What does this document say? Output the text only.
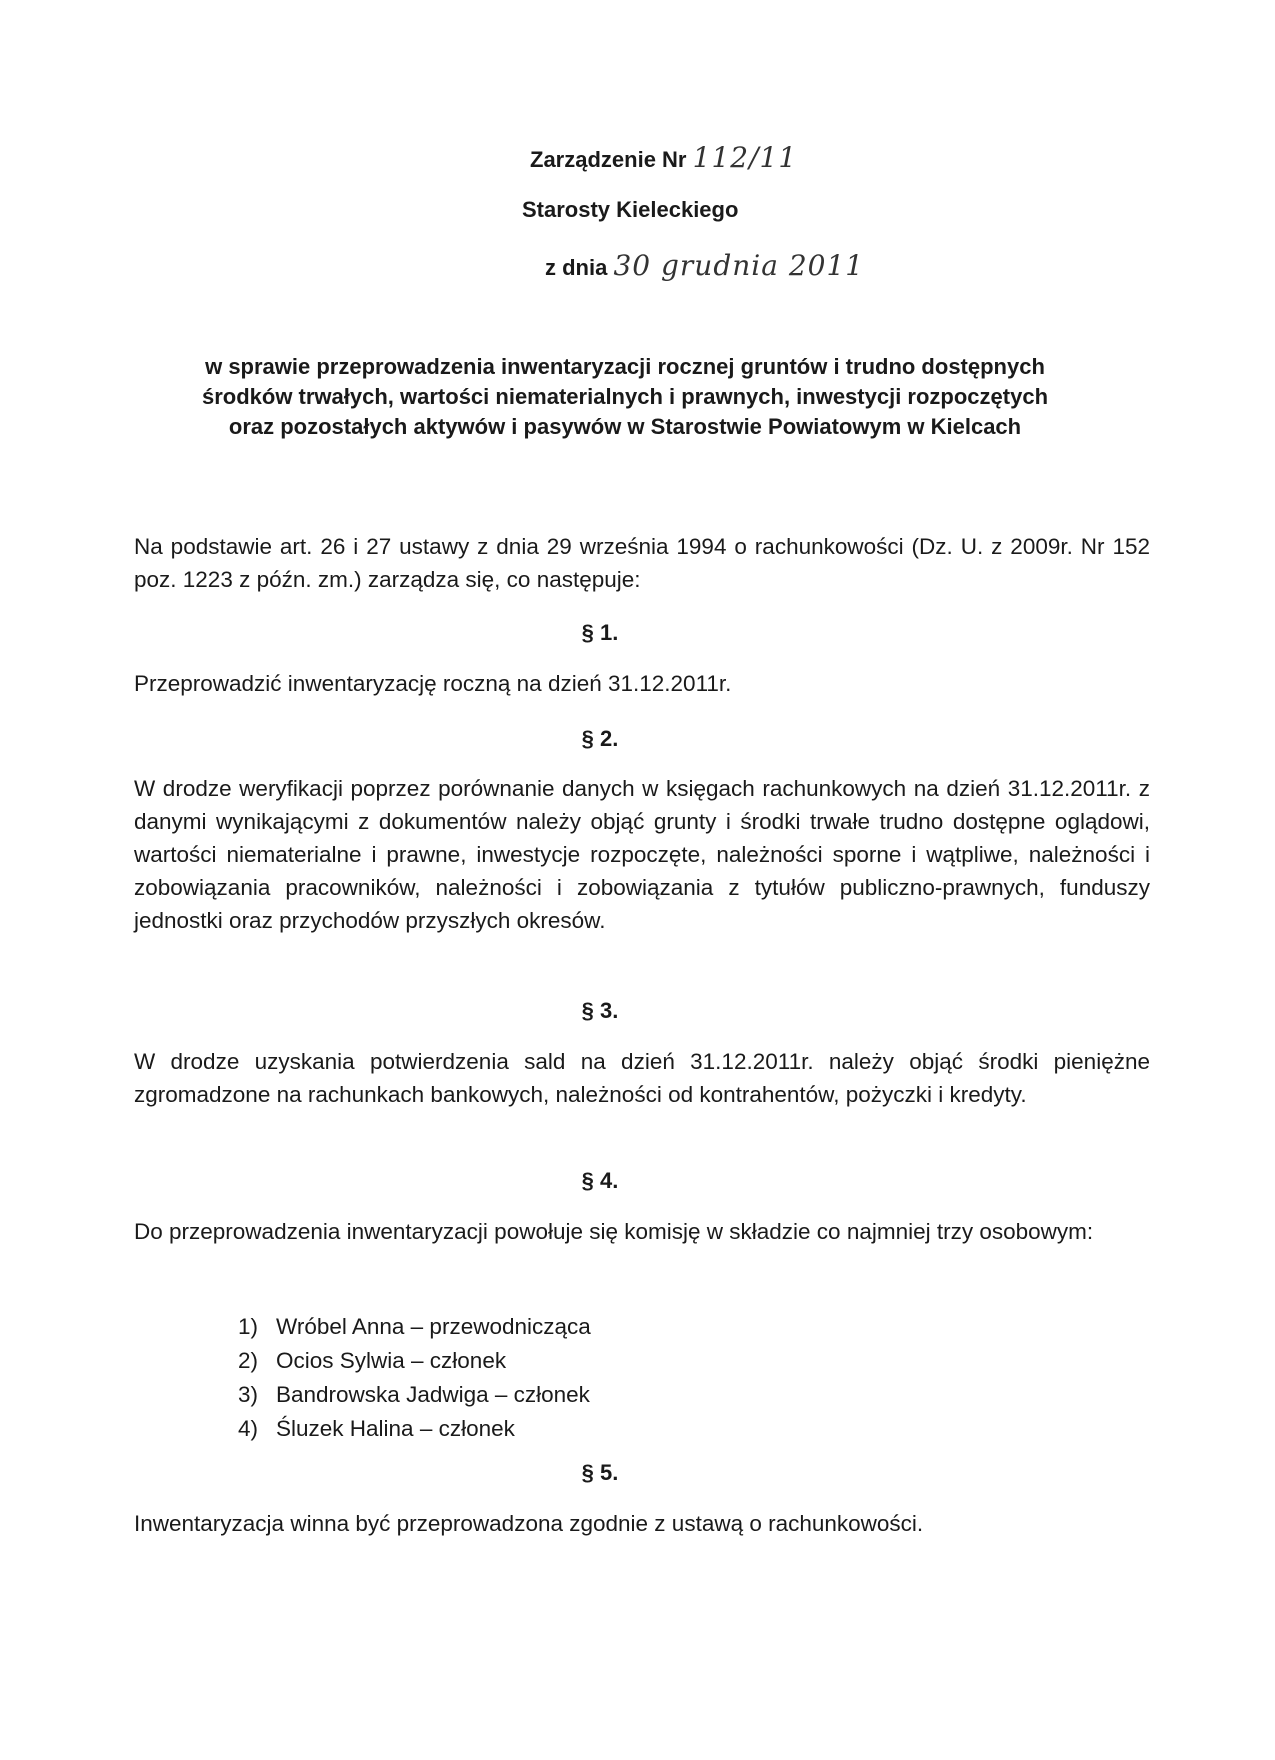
Zarządzenie Nr 112/11
Starosty Kieleckiego
z dnia 30 grudnia 2011
w sprawie przeprowadzenia inwentaryzacji rocznej gruntów i trudno dostępnych
środków trwałych, wartości niematerialnych i prawnych, inwestycji rozpoczętych
oraz pozostałych aktywów i pasywów w Starostwie Powiatowym w Kielcach
Na podstawie art. 26 i 27 ustawy z dnia 29 września 1994 o rachunkowości (Dz. U. z 2009r. Nr 152 poz. 1223 z późn. zm.) zarządza się, co następuje:
§ 1.
Przeprowadzić inwentaryzację roczną na dzień 31.12.2011r.
§ 2.
W drodze weryfikacji poprzez porównanie danych w księgach rachunkowych na dzień 31.12.2011r. z danymi wynikającymi z dokumentów należy objąć grunty i środki trwałe trudno dostępne oglądowi, wartości niematerialne i prawne, inwestycje rozpoczęte, należności sporne i wątpliwe, należności i zobowiązania pracowników, należności i zobowiązania z tytułów publiczno-prawnych, funduszy jednostki oraz przychodów przyszłych okresów.
§ 3.
W drodze uzyskania potwierdzenia sald na dzień 31.12.2011r. należy objąć środki pieniężne zgromadzone na rachunkach bankowych, należności od kontrahentów, pożyczki i kredyty.
§ 4.
Do przeprowadzenia inwentaryzacji powołuje się komisję w składzie co najmniej trzy osobowym:
1) Wróbel Anna – przewodnicząca
2) Ocios Sylwia – członek
3) Bandrowska Jadwiga – członek
4) Śluzek Halina – członek
§ 5.
Inwentaryzacja winna być przeprowadzona zgodnie z ustawą o rachunkowości.
